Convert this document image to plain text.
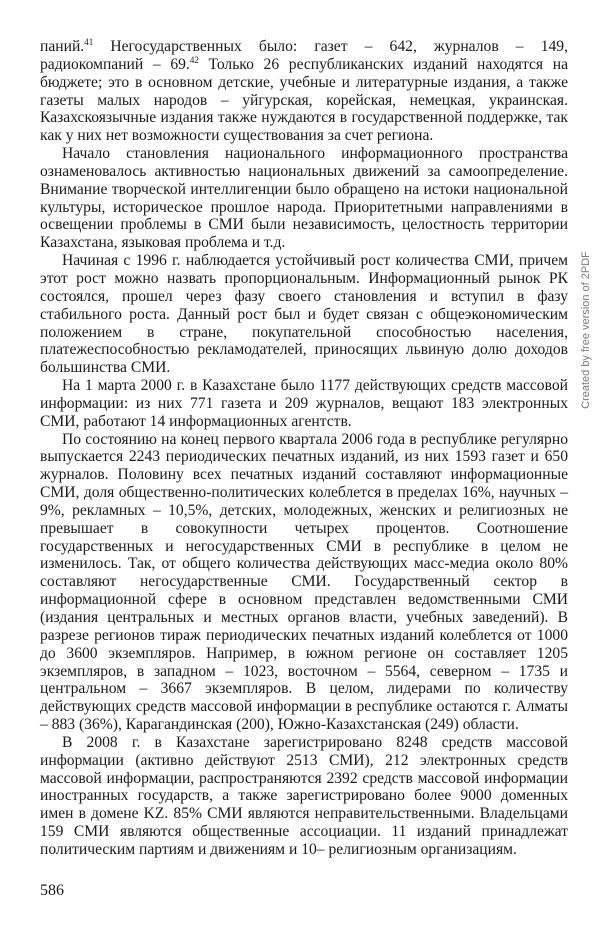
паний.$^{41}$ Негосударственных было: газет – 642, журналов – 149, радиокомпаний – 69.42 Только 26 республиканских изданий находятся на бюджете; это в основном детские, учебные и литературные издания, а также газеты малых народов – уйгурская, корейская, немецкая, украинская. Казахскоязычные издания также нуждаются в государственной поддержке, так как у них нет возможности существования за счет региона.

Начало становления национального информационного пространства ознаменовалось активностью национальных движений за самоопределение. Внимание творческой интеллигенции было обращено на истоки национальной культуры, историческое прошлое народа. Приоритетными направлениями в освещении проблемы в СМИ были независимость, целостность территории Казахстана, языковая проблема и т.д.

Начиная с 1996 г. наблюдается устойчивый рост количества СМИ, причем этот рост можно назвать пропорциональным. Информационный рынок РК состоялся, прошел через фазу своего становления и вступил в фазу стабильного роста. Данный рост был и будет связан с общеэкономическим положением в стране, покупательной способностью населения, платежеспособностью рекламодателей, приносящих львиную долю доходов большинства СМИ.

На 1 марта 2000 г. в Казахстане было 1177 действующих средств массовой информации: из них 771 газета и 209 журналов, вещают 183 электронных СМИ, работают 14 информационных агентств.

По состоянию на конец первого квартала 2006 года в республике регулярно выпускается 2243 периодических печатных изданий, из них 1593 газет и 650 журналов. Половину всех печатных изданий составляют информационные СМИ, доля общественно-политических колеблется в пределах 16%, научных – 9%, рекламных – 10,5%, детских, молодежных, женских и религиозных не превышает в совокупности четырех процентов. Соотношение государственных и негосударственных СМИ в республике в целом не изменилось. Так, от общего количества действующих масс-медиа около 80% составляют негосударственные СМИ. Государственный сектор в информационной сфере в основном представлен ведомственными СМИ (издания центральных и местных органов власти, учебных заведений). В разрезе регионов тираж периодических печатных изданий колеблется от 1000 до 3600 экземпляров. Например, в южном регионе он составляет 1205 экземпляров, в западном – 1023, восточном – 5564, северном – 1735 и центральном – 3667 экземпляров. В целом, лидерами по количеству действующих средств массовой информации в республике остаются г. Алматы – 883 (36%), Карагандинская (200), Южно-Казахстанская (249) области.

В 2008 г. в Казахстане зарегистрировано 8248 средств массовой информации (активно действуют 2513 СМИ), 212 электронных средств массовой информации, распространяются 2392 средств массовой информации иностранных государств, а также зарегистрировано более 9000 доменных имен в домене KZ. 85% СМИ являются неправительственными. Владельцами 159 СМИ являются общественные ассоциации. 11 изданий принадлежат политическим партиям и движениям и 10– религиозным организациям.

Created by free version of 2PDF
586
